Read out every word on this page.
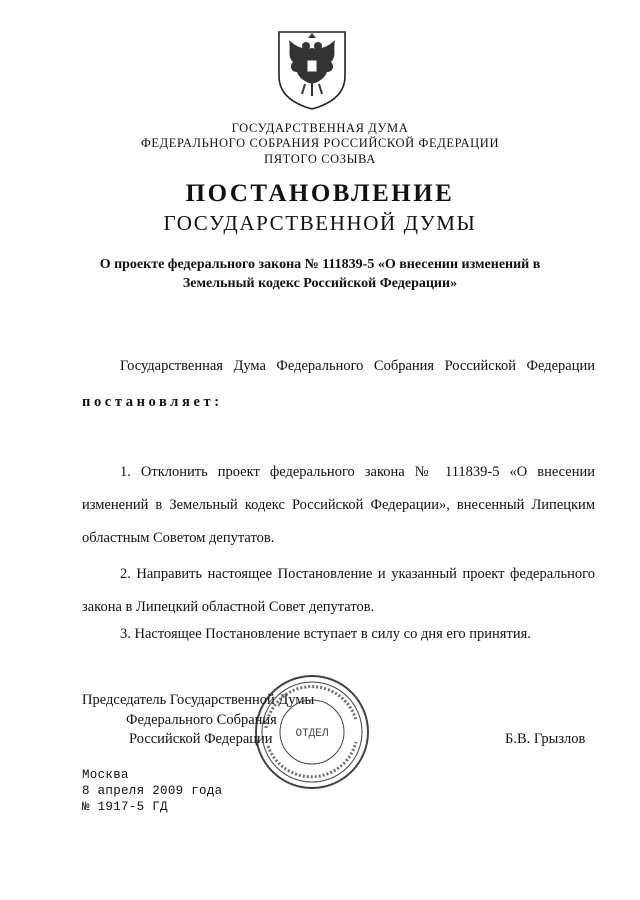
ГОСУДАРСТВЕННАЯ ДУМА
ФЕДЕРАЛЬНОГО СОБРАНИЯ РОССИЙСКОЙ ФЕДЕРАЦИИ
ПЯТОГО СОЗЫВА
ПОСТАНОВЛЕНИЕ
ГОСУДАРСТВЕННОЙ ДУМЫ
О проекте федерального закона № 111839-5 «О внесении изменений в Земельный кодекс Российской Федерации»
Государственная Дума Федерального Собрания Российской Федерации
постановляет:
1. Отклонить проект федерального закона № 111839-5 «О внесении изменений в Земельный кодекс Российской Федерации», внесенный Липецким областным Советом депутатов.
2. Направить настоящее Постановление и указанный проект федерального закона в Липецкий областной Совет депутатов.
3. Настоящее Постановление вступает в силу со дня его принятия.
Председатель Государственной Думы
Федерального Собрания
Российской Федерации	Б.В. Грызлов
ОТДЕЛ
Москва
8 апреля 2009 года
№ 1917-5 ГД
